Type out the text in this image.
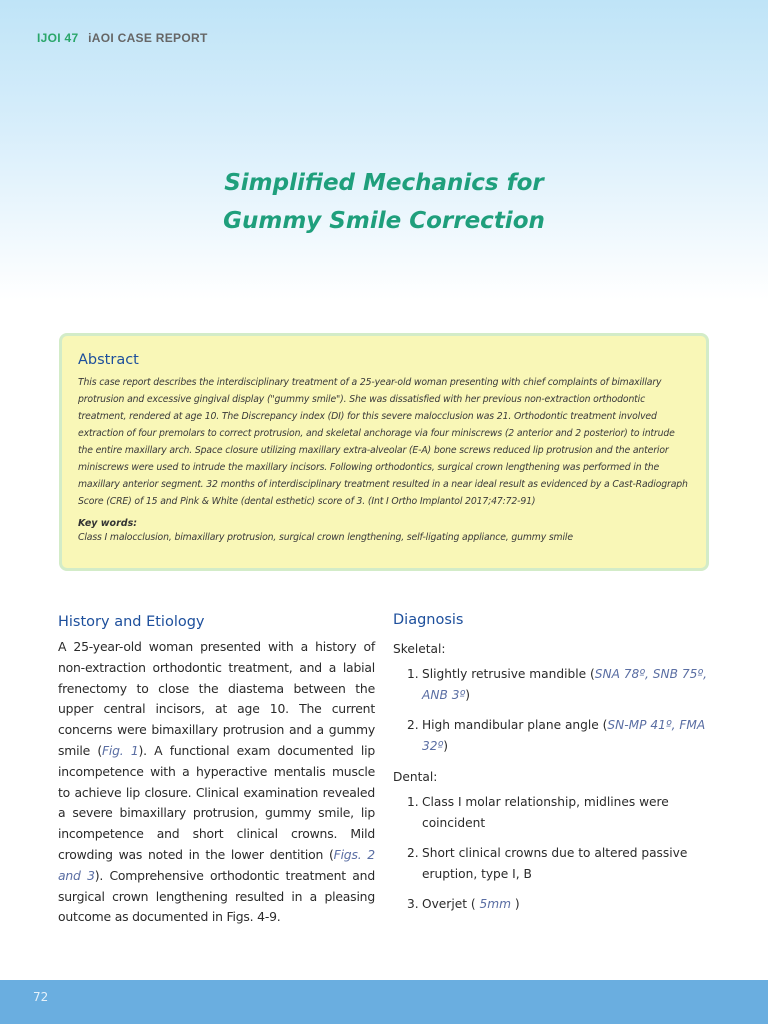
IJOI 47 iAOI CASE REPORT
Simplified Mechanics for
Gummy Smile Correction
Abstract
This case report describes the interdisciplinary treatment of a 25-year-old woman presenting with chief complaints of bimaxillary protrusion and excessive gingival display ("gummy smile"). She was dissatisfied with her previous non-extraction orthodontic treatment, rendered at age 10. The Discrepancy index (DI) for this severe malocclusion was 21. Orthodontic treatment involved extraction of four premolars to correct protrusion, and skeletal anchorage via four miniscrews (2 anterior and 2 posterior) to intrude the entire maxillary arch. Space closure utilizing maxillary extra-alveolar (E-A) bone screws reduced lip protrusion and the anterior miniscrews were used to intrude the maxillary incisors. Following orthodontics, surgical crown lengthening was performed in the maxillary anterior segment. 32 months of interdisciplinary treatment resulted in a near ideal result as evidenced by a Cast-Radiograph Score (CRE) of 15 and Pink & White (dental esthetic) score of 3. (Int I Ortho Implantol 2017;47:72-91)
Key words:
Class I malocclusion, bimaxillary protrusion, surgical crown lengthening, self-ligating appliance, gummy smile
History and Etiology

A 25-year-old woman presented with a history of non-extraction orthodontic treatment, and a labial frenectomy to close the diastema between the upper central incisors, at age 10. The current concerns were bimaxillary protrusion and a gummy smile (Fig. 1). A functional exam documented lip incompetence with a hyperactive mentalis muscle to achieve lip closure. Clinical examination revealed a severe bimaxillary protrusion, gummy smile, lip incompetence and short clinical crowns. Mild crowding was noted in the lower dentition (Figs. 2 and 3). Comprehensive orthodontic treatment and surgical crown lengthening resulted in a pleasing outcome as documented in Figs. 4-9.

Diagnosis
Skeletal:
1. Slightly retrusive mandible (SNA 78º, SNB 75º, ANB 3º)
2. High mandibular plane angle (SN-MP 41º, FMA 32º)
Dental:
1. Class I molar relationship, midlines were coincident
2. Short clinical crowns due to altered passive eruption, type I, B
3. Overjet ( 5mm )
72
